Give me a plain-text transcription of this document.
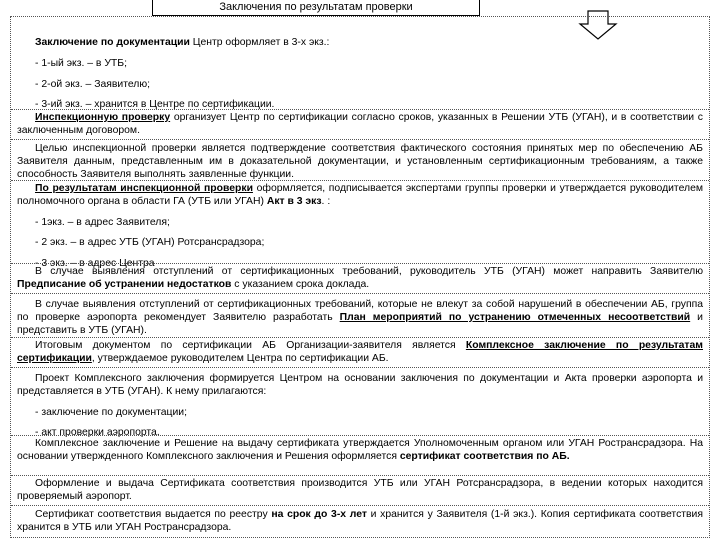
Заключения по результатам проверки
Заключение по документации Центр оформляет в 3-х экз.:
- 1-ый экз. – в УТБ;
- 2-ой экз. – Заявителю;
- 3-ий экз. – хранится в Центре по сертификации.
Инспекционную проверку организует Центр по сертификации согласно сроков, указанных в Решении УТБ (УГАН), и в соответствии с заключенным договором.
Целью инспекционной проверки является подтверждение соответствия фактического состояния принятых мер по обеспечению АБ Заявителя данным, представленным им в доказательной документации, и установленным сертификационным требованиям, а также способность Заявителя выполнять заявленные функции.
По результатам инспекционной проверки оформляется, подписывается экспертами группы проверки и утверждается руководителем полномочного органа в области ГА (УТБ или УГАН) Акт в 3 экз. :
- 1экз. – в адрес Заявителя;
- 2 экз. – в адрес УТБ (УГАН) Ротсрансрадзора;
- 3 экз. – в адрес Центра
В случае выявления отступлений от сертификационных требований, руководитель УТБ (УГАН) может направить Заявителю Предписание об устранении недостатков с указанием срока доклада.
В случае выявления отступлений от сертификационных требований, которые не влекут за собой нарушений в обеспечении АБ, группа по проверке аэропорта рекомендует Заявителю разработать План мероприятий по устранению отмеченных несоответствий и представить в УТБ (УГАН).
Итоговым документом по сертификации АБ Организации-заявителя является Комплексное заключение по результатам сертификации, утверждаемое руководителем Центра по сертификации АБ.
Проект Комплексного заключения формируется Центром на основании заключения по документации и Акта проверки аэропорта и представляется в УТБ (УГАН). К нему прилагаются:
- заключение по документации;
- акт проверки аэропорта.
Комплексное заключение и Решение на выдачу сертификата утверждается Уполномоченным органом или УГАН Ространсрадзора. На основании утвержденного Комплексного заключения и Решения оформляется сертификат соответствия по АБ.
Оформление и выдача Сертификата соответствия производится УТБ или УГАН Ротсрансрадзора, в ведении которых находится проверяемый аэропорт.
Сертификат соответствия выдается по реестру на срок до 3-х лет и хранится у Заявителя (1-й экз.). Копия сертификата соответствия хранится в УТБ или УГАН Ространсрадзора.
